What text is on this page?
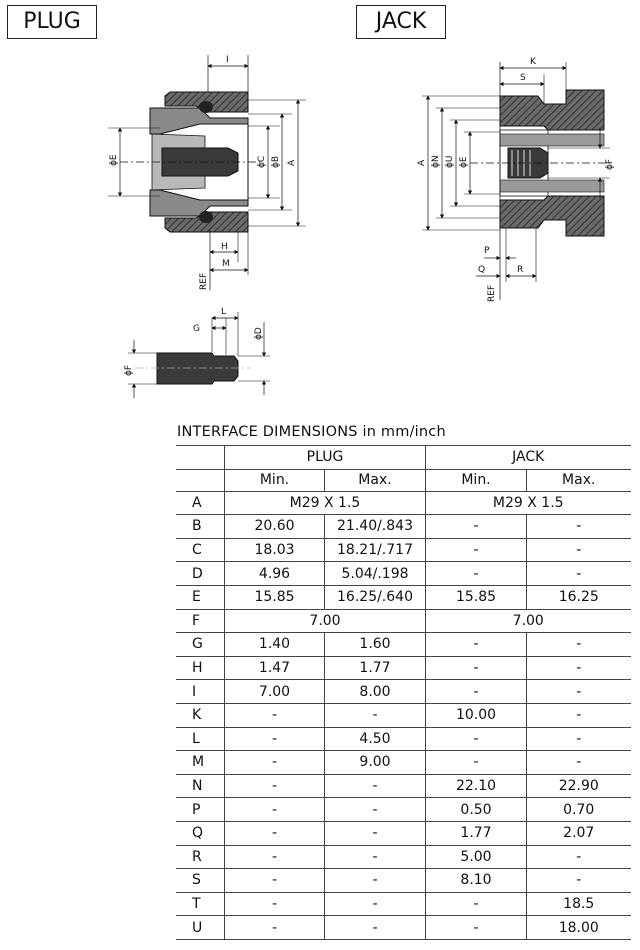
PLUG	JACK
I
ϕE	ϕC ϕB A
H
M
REF
G
L
ϕD
ϕF
K
S
A ϕN ϕU ϕE	ϕF
P
Q	R
REF
INTERFACE DIMENSIONS in mm/inch
	PLUG		JACK	
	Min.	Max.	Min.	Max.
A	M29 X 1.5		M29 X 1.5	
B	20.60	21.40/.843	-	-
C	18.03	18.21/.717	-	-
D	4.96	5.04/.198	-	-
E	15.85	16.25/.640	15.85	16.25
F	7.00		7.00	
G	1.40	1.60	-	-
H	1.47	1.77	-	-
I	7.00	8.00	-	-
K	-	-	10.00	-
L	-	4.50	-	-
M	-	9.00	-	-
N	-	-	22.10	22.90
P	-	-	0.50	0.70
Q	-	-	1.77	2.07
R	-	-	5.00	-
S	-	-	8.10	-
T	-	-	-	18.5
U	-	-	-	18.00
